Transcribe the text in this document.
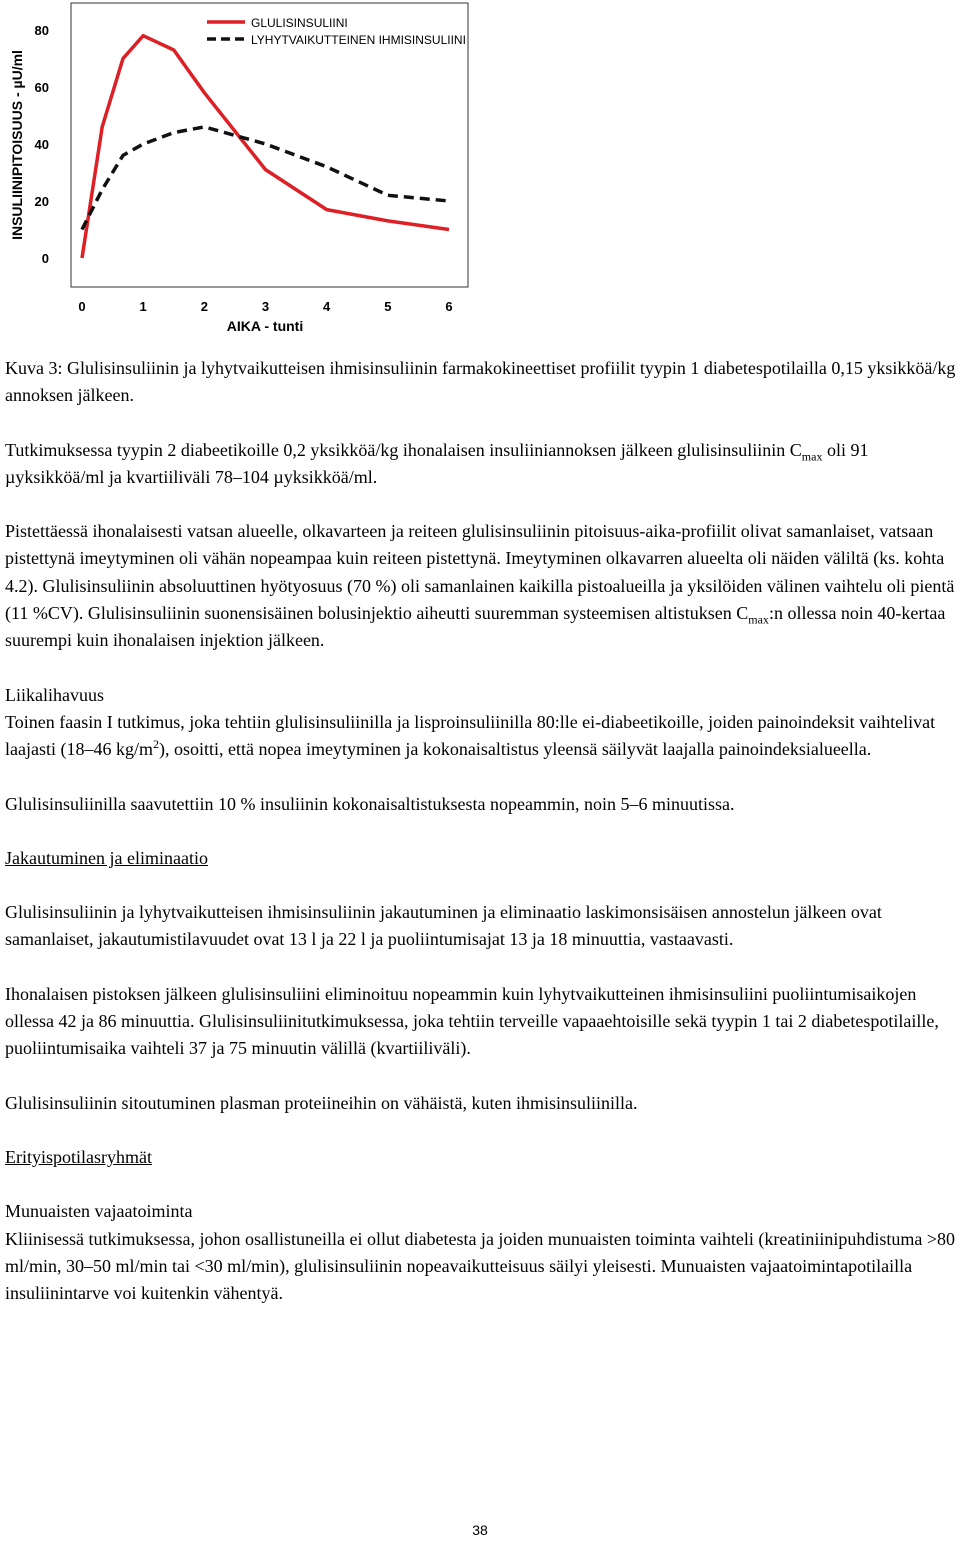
INSULIINIPITOISUUS - µU/ml
AIKA - tunti
0	1	2	3	4	5	6
0
20
40
60
80	GLULISINSULIINI
LYHYTVAIKUTTEINEN IHMISINSULIINI

Kuva 3: Glulisinsuliinin ja lyhytvaikutteisen ihmisinsuliinin farmakokineettiset profiilit tyypin 1 diabetespotilailla 0,15 yksikköä/kg annoksen jälkeen.

Tutkimuksessa tyypin 2 diabeetikoille 0,2 yksikköä/kg ihonalaisen insuliiniannoksen jälkeen glulisinsuliinin $C_{max}$ oli 91 µyksikköä/ml ja kvartiiliväli 78–104 µyksikköä/ml.

Pistettäessä ihonalaisesti vatsan alueelle, olkavarteen ja reiteen glulisinsuliinin pitoisuus-aika-profiilit olivat samanlaiset, vatsaan pistettynä imeytyminen oli vähän nopeampaa kuin reiteen pistettynä. Imeytyminen olkavarren alueelta oli näiden väliltä (ks. kohta 4.2). Glulisinsuliinin absoluuttinen hyötyosuus (70 %) oli samanlainen kaikilla pistoalueilla ja yksilöiden välinen vaihtelu oli pientä (11 %CV). Glulisinsuliinin suonensisäinen bolusinjektio aiheutti suuremman systeemisen altistuksen $C_{max}:n$ ollessa noin 40-kertaa suurempi kuin ihonalaisen injektion jälkeen.

Liikalihavuus
Toinen faasin I tutkimus, joka tehtiin glulisinsuliinilla ja lisproinsuliinilla 80:lle ei-diabeetikoille, joiden painoindeksit vaihtelivat laajasti (18–46 $kg/m^2$), osoitti, että nopea imeytyminen ja kokonaisaltistus yleensä säilyvät laajalla painoindeksialueella.

Glulisinsuliinilla saavutettiin 10 % insuliinin kokonaisaltistuksesta nopeammin, noin 5–6 minuutissa.

Jakautuminen ja eliminaatio

Glulisinsuliinin ja lyhytvaikutteisen ihmisinsuliinin jakautuminen ja eliminaatio laskimonsisäisen annostelun jälkeen ovat samanlaiset, jakautumistilavuudet ovat 13 l ja 22 l ja puoliintumisajat 13 ja 18 minuuttia, vastaavasti.

Ihonalaisen pistoksen jälkeen glulisinsuliini eliminoituu nopeammin kuin lyhytvaikutteinen ihmisinsuliini puoliintumisaikojen ollessa 42 ja 86 minuuttia. Glulisinsuliinitutkimuksessa, joka tehtiin terveille vapaaehtoisille sekä tyypin 1 tai 2 diabetespotilaille, puoliintumisaika vaihteli 37 ja 75 minuutin välillä (kvartiiliväli).

Glulisinsuliinin sitoutuminen plasman proteiineihin on vähäistä, kuten ihmisinsuliinilla.

Erityispotilasryhmät

Munuaisten vajaatoiminta
Kliinisessä tutkimuksessa, johon osallistuneilla ei ollut diabetesta ja joiden munuaisten toiminta vaihteli (kreatiniinipuhdistuma >80 ml/min, 30–50 ml/min tai <30 ml/min), glulisinsuliinin nopeavaikutteisuus säilyi yleisesti. Munuaisten vajaatoimintapotilailla insuliinintarve voi kuitenkin vähentyä.

38
